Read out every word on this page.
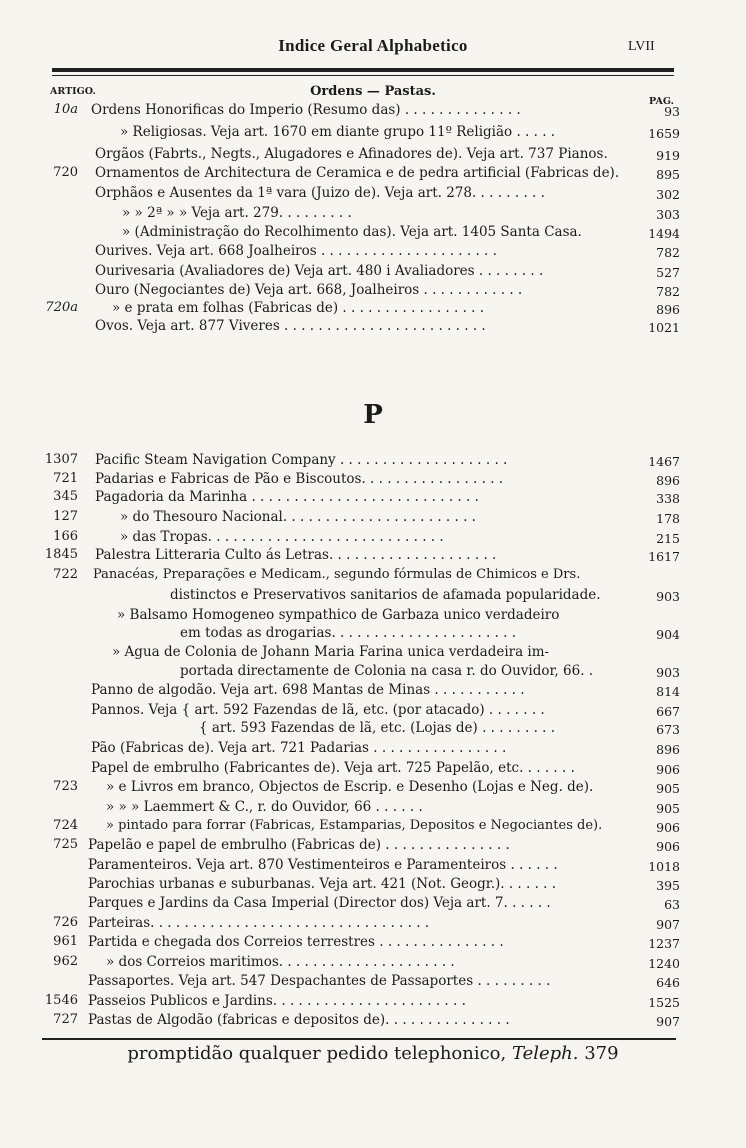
Indice Geral Alphabetico	LVII
ARTIGO.	Ordens — Pastas.
PAG.
10a Ordens Honorificas do Imperio (Resumo das) . . . . . . . . . . . . . .	93
» Religiosas. Veja art. 1670 em diante grupo 11º Religião . . . . .	1659
Orgãos (Fabrts., Negts., Alugadores e Afinadores de). Veja art. 737 Pianos.	919
720 Ornamentos de Architectura de Ceramica e de pedra artificial (Fabricas de).	895
Orphãos e Ausentes da 1ª vara (Juizo de). Veja art. 278. . . . . . . . .	302
» » 2ª » » Veja art. 279. . . . . . . . .	303
» (Administração do Recolhimento das). Veja art. 1405 Santa Casa.	1494
Ourives. Veja art. 668 Joalheiros . . . . . . . . . . . . . . . . . . . . .	782
Ourivesaria (Avaliadores de) Veja art. 480 i Avaliadores . . . . . . . .	527
Ouro (Negociantes de) Veja art. 668, Joalheiros . . . . . . . . . . . .	782
720a	» e prata em folhas (Fabricas de) . . . . . . . . . . . . . . . . .	896
Ovos. Veja art. 877 Viveres . . . . . . . . . . . . . . . . . . . . . . . .	1021
P
1307 Pacific Steam Navigation Company . . . . . . . . . . . . . . . . . . . .	1467
721 Padarias e Fabricas de Pão e Biscoutos. . . . . . . . . . . . . . . . .	896
345 Pagadoria da Marinha . . . . . . . . . . . . . . . . . . . . . . . . . . .	338
127	» do Thesouro Nacional. . . . . . . . . . . . . . . . . . . . . . .	178
166	» das Tropas. . . . . . . . . . . . . . . . . . . . . . . . . . . .	215
1845 Palestra Litteraria Culto ás Letras. . . . . . . . . . . . . . . . . . . .	1617
722 Panacéas, Preparações e Medicam., segundo fórmulas de Chimicos e Drs.
distinctos e Preservativos sanitarios de afamada popularidade.	903
» Balsamo Homogeneo sympathico de Garbaza unico verdadeiro
em todas as drogarias. . . . . . . . . . . . . . . . . . . . . .	904
» Agua de Colonia de Johann Maria Farina unica verdadeira im-
portada directamente de Colonia na casa r. do Ouvidor, 66. .	903
Panno de algodão. Veja art. 698 Mantas de Minas . . . . . . . . . . .	814
Pannos. Veja { art. 592 Fazendas de lã, etc. (por atacado) . . . . . . .	667
{ art. 593 Fazendas de lã, etc. (Lojas de) . . . . . . . . .	673
Pão (Fabricas de). Veja art. 721 Padarias . . . . . . . . . . . . . . . .	896
Papel de embrulho (Fabricantes de). Veja art. 725 Papelão, etc. . . . . . .	906
723 » e Livros em branco, Objectos de Escrip. e Desenho (Lojas e Neg. de).	905
» » » Laemmert & C., r. do Ouvidor, 66 . . . . . .	905
724 » pintado para forrar (Fabricas, Estamparias, Depositos e Negociantes de).	906
725 Papelão e papel de embrulho (Fabricas de) . . . . . . . . . . . . . . .	906
Paramenteiros. Veja art. 870 Vestimenteiros e Paramenteiros . . . . . .	1018
Parochias urbanas e suburbanas. Veja art. 421 (Not. Geogr.). . . . . . .	395
Parques e Jardins da Casa Imperial (Director dos) Veja art. 7. . . . . .	63
726 Parteiras. . . . . . . . . . . . . . . . . . . . . . . . . . . . . . . . .	907
961 Partida e chegada dos Correios terrestres . . . . . . . . . . . . . . .	1237
962 » dos Correios maritimos. . . . . . . . . . . . . . . . . . . . .	1240
Passaportes. Veja art. 547 Despachantes de Passaportes . . . . . . . . .	646
1546 Passeios Publicos e Jardins. . . . . . . . . . . . . . . . . . . . . . .	1525
727 Pastas de Algodão (fabricas e depositos de). . . . . . . . . . . . . . .	907
promptidão qualquer pedido telephonico, Teleph. 379
